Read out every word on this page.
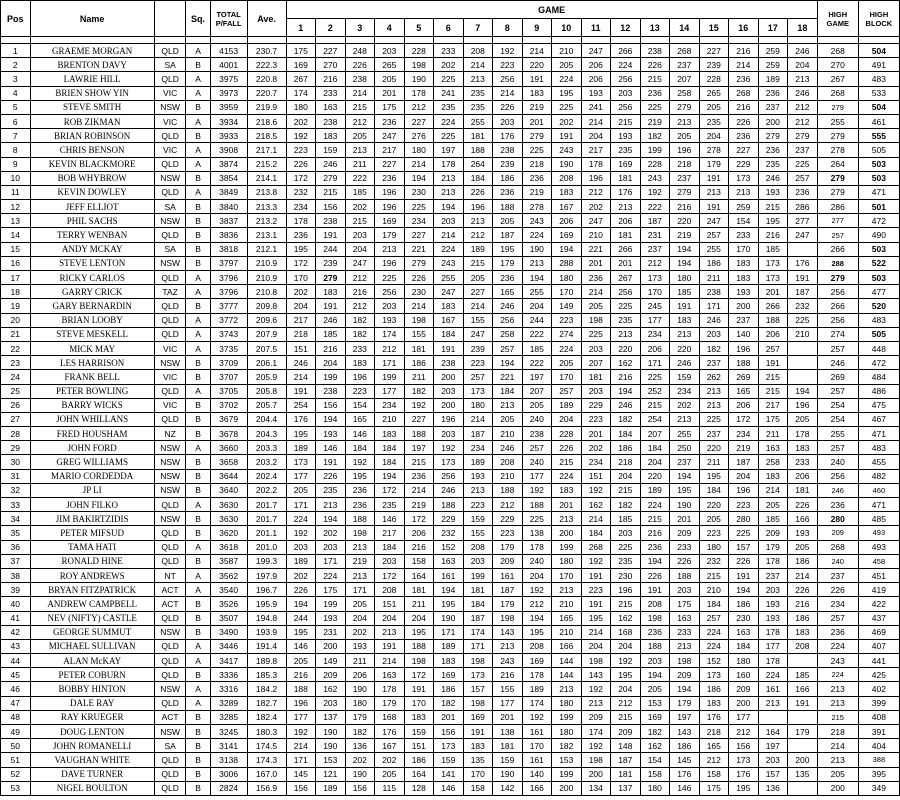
Pos	Name		Sq.	TOTAL
P/FALL	Ave.	GAME																		HIGH
GAME	HIGH
BLOCK
						1	2	3	4	5	6	7	8	9	10	11	12	13	14	15	16	17	18		

1	GRAEME MORGAN	QLD	A	4153	230.7	175	227	248	203	228	233	208	192	214	210	247	266	238	268	227	216	259	246	268	504
2	BRENTON DAVY	SA	B	4001	222.3	169	270	226	265	198	202	214	223	220	205	206	224	226	237	239	214	259	204	270	491
3	LAWRIE HILL	QLD	A	3975	220.8	267	216	238	205	190	225	213	256	191	224	206	256	215	207	228	236	189	213	267	483
4	BRIEN SHOW YIN	VIC	A	3973	220.7	174	233	214	201	178	241	235	214	183	195	193	203	236	258	265	268	236	246	268	533
5	STEVE SMITH	NSW	B	3959	219.9	180	163	215	175	212	235	235	226	219	225	241	256	225	279	205	216	237	212	279	504
6	ROB ZIKMAN	VIC	A	3934	218.6	202	238	212	236	227	224	255	203	201	202	214	215	219	213	235	226	200	212	255	461
7	BRIAN ROBINSON	QLD	B	3933	218.5	192	183	205	247	276	225	181	176	279	191	204	193	182	205	204	236	279	279	279	555
8	CHRIS BENSON	VIC	A	3908	217.1	223	159	213	217	180	197	188	238	225	243	217	235	199	196	278	227	236	237	278	505
9	KEVIN BLACKMORE	QLD	A	3874	215.2	226	246	211	227	214	178	264	239	218	190	178	169	228	218	179	229	235	225	264	503
10	BOB WHYBROW	NSW	B	3854	214.1	172	279	222	236	194	213	184	186	236	208	196	181	243	237	191	173	246	257	279	503
11	KEVIN DOWLEY	QLD	A	3849	213.8	232	215	185	196	230	213	226	236	219	183	212	176	192	279	213	213	193	236	279	471
12	JEFF ELLIOT	SA	B	3840	213.3	234	156	202	196	225	194	196	188	278	167	202	213	222	216	191	259	215	286	286	501
13	PHIL SACHS	NSW	B	3837	213.2	178	238	215	169	234	203	213	205	243	206	247	206	187	220	247	154	195	277	277	472
14	TERRY WENBAN	QLD	B	3836	213.1	236	191	203	179	227	214	212	187	224	169	210	181	231	219	257	233	216	247	257	490
15	ANDY MCKAY	SA	B	3818	212.1	195	244	204	213	221	224	189	195	190	194	221	266	237	194	255	170	185		266	503
16	STEVE LENTON	NSW	B	3797	210.9	172	239	247	196	279	243	215	179	213	288	201	201	212	194	186	183	173	176	288	522
17	RICKY CARLOS	QLD	A	3796	210.9	170	279	212	225	226	255	205	236	194	180	236	267	173	180	211	183	173	191	279	503
18	GARRY CRICK	TAZ	A	3796	210.8	202	183	216	256	230	247	227	165	255	170	214	256	170	185	238	193	201	187	256	477
19	GARY BERNARDIN	QLD	B	3777	209.8	204	191	212	203	214	183	214	246	204	149	205	225	245	191	171	200	266	232	266	520
20	BRIAN LOOBY	QLD	A	3772	209.6	217	246	182	193	198	167	155	256	244	223	198	235	177	183	246	237	188	225	256	483
21	STEVE MESKELL	QLD	A	3743	207.9	218	185	182	174	155	184	247	258	222	274	225	213	234	213	203	140	206	210	274	505
22	MICK MAY	VIC	A	3735	207.5	151	216	233	212	181	191	239	257	185	224	203	220	206	220	182	196	257		257	448
23	LES HARRISON	NSW	B	3709	206.1	246	204	183	171	186	238	223	194	222	205	207	162	171	246	237	188	191		246	472
24	FRANK BELL	VIC	B	3707	205.9	214	199	196	199	211	200	257	221	197	170	181	216	225	159	262	269	215		269	484
25	PETER BOWLING	QLD	A	3705	205.8	191	238	223	177	182	203	173	184	207	257	203	194	252	234	213	165	215	194	257	486
26	BARRY WICKS	VIC	B	3702	205.7	254	156	154	234	192	200	180	213	205	189	229	246	215	202	213	206	217	196	254	475
27	JOHN WHILLANS	QLD	B	3679	204.4	176	194	165	210	227	196	214	205	240	204	223	182	254	213	225	172	175	205	254	467
28	FRED HOUSHAM	NZ	B	3678	204.3	195	193	146	183	188	203	187	210	238	228	201	184	207	255	237	234	211	178	255	471
29	JOHN FORD	NSW	A	3660	203.3	189	146	184	184	197	192	234	246	257	226	202	186	184	250	220	219	163	183	257	483
30	GREG WILLIAMS	NSW	B	3658	203.2	173	191	192	184	215	173	189	208	240	215	234	218	204	237	211	187	258	233	240	455
31	MARIO CORDEDDA	NSW	B	3644	202.4	177	226	195	194	236	256	193	210	177	224	151	204	220	194	195	204	183	206	256	482
32	JP LI	NSW	B	3640	202.2	205	235	236	172	214	246	213	188	192	183	192	215	189	195	184	196	214	181	246	460
33	JOHN FILKO	QLD	A	3630	201.7	171	213	236	235	219	188	223	212	188	201	162	182	224	190	220	223	205	226	236	471
34	JIM BAKIRTZIDIS	NSW	B	3630	201.7	224	194	188	146	172	229	159	229	225	213	214	185	215	201	205	280	185	166	280	485
35	PETER MIFSUD	QLD	B	3620	201.1	192	202	198	217	206	232	155	223	138	200	184	203	216	209	223	225	209	193	209	493
36	TAMA HATI	QLD	A	3618	201.0	203	203	213	184	216	152	208	179	178	199	268	225	236	233	180	157	179	205	268	493
37	RONALD HINE	QLD	B	3587	199.3	189	171	219	203	158	163	203	209	240	180	192	235	194	226	232	226	178	186	240	458
38	ROY ANDREWS	NT	A	3562	197.9	202	224	213	172	164	161	199	161	204	170	191	230	226	188	215	191	237	214	237	451
39	BRYAN FITZPATRICK	ACT	A	3540	196.7	226	175	171	208	181	194	181	187	192	213	223	196	191	203	210	194	203	226	226	419
40	ANDREW CAMPBELL	ACT	B	3526	195.9	194	199	205	151	211	195	184	179	212	210	191	215	208	175	184	186	193	216	234	422
41	NEV (NIFTY) CASTLE	QLD	B	3507	194.8	244	193	204	204	204	190	187	198	194	165	195	162	198	163	257	230	193	186	257	437
42	GEORGE SUMMUT	NSW	B	3490	193.9	195	231	202	213	195	171	174	143	195	210	214	168	236	233	224	163	178	183	236	469
43	MICHAEL SULLIVAN	QLD	A	3446	191.4	146	200	193	191	188	189	171	213	208	166	204	204	188	213	224	184	177	208	224	407
44	ALAN McKAY	QLD	A	3417	189.8	205	149	211	214	198	183	198	243	169	144	198	192	203	198	152	180	178		243	441
45	PETER COBURN	QLD	B	3336	185.3	216	209	206	163	172	169	173	216	178	144	143	195	194	209	173	160	224	185	224	425
46	BOBBY HINTON	NSW	A	3316	184.2	188	162	190	178	191	186	157	155	189	213	192	204	205	194	186	209	161	166	213	402
47	DALE RAY	QLD	A	3289	182.7	196	203	180	179	170	182	198	177	174	180	213	212	153	179	183	200	213	191	213	399
48	RAY KRUEGER	ACT	B	3285	182.4	177	137	179	168	183	201	169	201	192	199	209	215	169	197	176	177			215	408
49	DOUG LENTON	NSW	B	3245	180.3	192	190	182	176	159	156	191	138	161	180	174	209	182	143	218	212	164	179	218	391
50	JOHN ROMANELLI	SA	B	3141	174.5	214	190	136	167	151	173	183	181	170	182	192	148	162	186	165	156	197		214	404
51	VAUGHAN WHITE	QLD	B	3138	174.3	171	153	202	202	186	159	135	159	161	153	198	187	154	145	212	173	203	200	213	388
52	DAVE TURNER	QLD	B	3006	167.0	145	121	190	205	164	141	170	190	140	199	200	181	158	176	158	176	157	135	205	395
53	NIGEL BOULTON	QLD	B	2824	156.9	156	189	156	115	128	146	158	142	166	200	134	137	180	146	175	195	136		200	349
